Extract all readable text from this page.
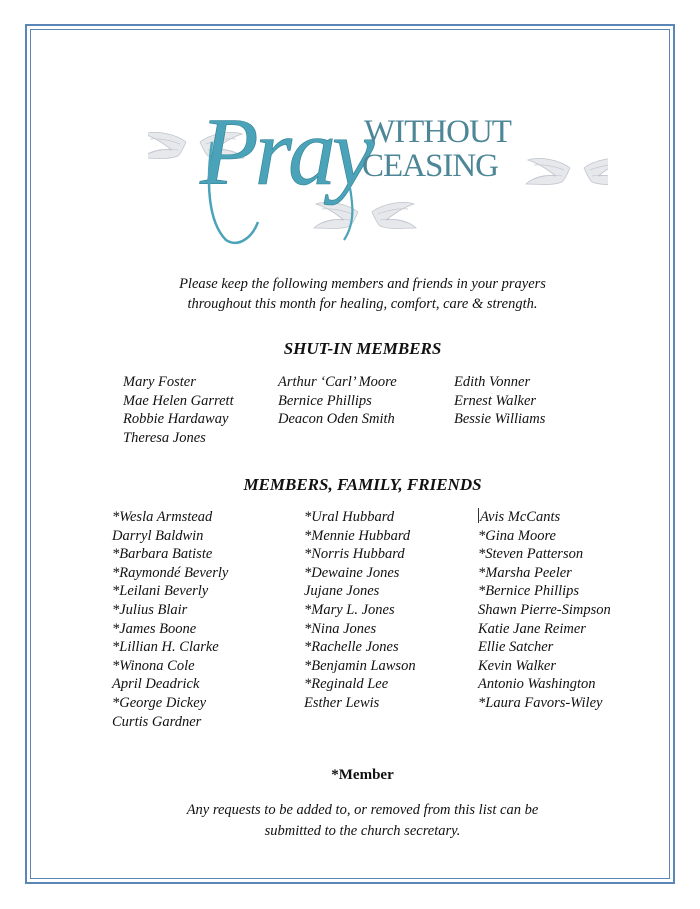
Pray
WITHOUT
CEASING
Please keep the following members and friends in your prayers
throughout this month for healing, comfort, care & strength.
SHUT-IN MEMBERS
Mary Foster
Mae Helen Garrett
Robbie Hardaway
Theresa Jones
Arthur ‘Carl’ Moore
Bernice Phillips
Deacon Oden Smith
Edith Vonner
Ernest Walker
Bessie Williams
MEMBERS, FAMILY, FRIENDS
*Wesla Armstead
Darryl Baldwin
*Barbara Batiste
*Raymondé Beverly
*Leilani Beverly
*Julius Blair
*James Boone
*Lillian H. Clarke
*Winona Cole
April Deadrick
*George Dickey
Curtis Gardner
*Ural Hubbard
*Mennie Hubbard
*Norris Hubbard
*Dewaine Jones
Jujane Jones
*Mary L. Jones
*Nina Jones
*Rachelle Jones
*Benjamin Lawson
*Reginald Lee
Esther Lewis
Avis McCants
*Gina Moore
*Steven Patterson
*Marsha Peeler
*Bernice Phillips
Shawn Pierre-Simpson
Katie Jane Reimer
Ellie Satcher
Kevin Walker
Antonio Washington
*Laura Favors-Wiley
*Member
Any requests to be added to, or removed from this list can be
submitted to the church secretary.
